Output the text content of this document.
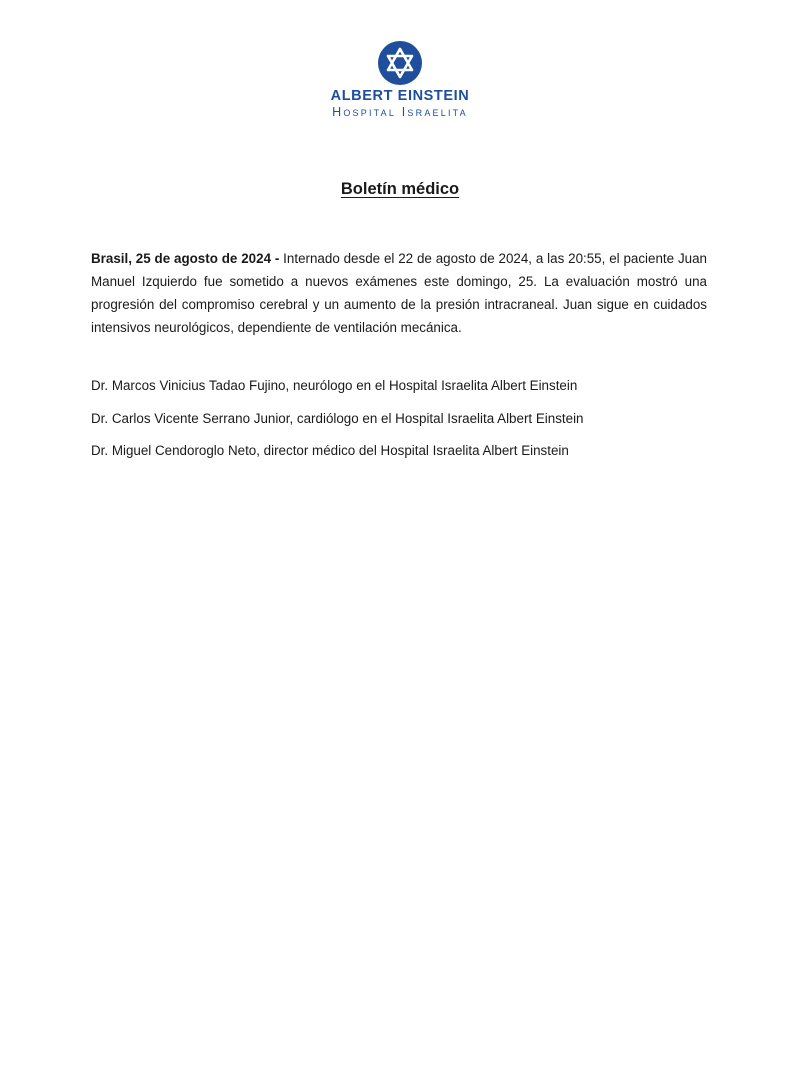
ALBERT EINSTEIN
Hospital Israelita
Boletín médico

Brasil, 25 de agosto de 2024 - Internado desde el 22 de agosto de 2024, a las 20:55, el paciente Juan Manuel Izquierdo fue sometido a nuevos exámenes este domingo, 25. La evaluación mostró una progresión del compromiso cerebral y un aumento de la presión intracraneal. Juan sigue en cuidados intensivos neurológicos, dependiente de ventilación mecánica.

Dr. Marcos Vinicius Tadao Fujino, neurólogo en el Hospital Israelita Albert Einstein

Dr. Carlos Vicente Serrano Junior, cardiólogo en el Hospital Israelita Albert Einstein

Dr. Miguel Cendoroglo Neto, director médico del Hospital Israelita Albert Einstein
